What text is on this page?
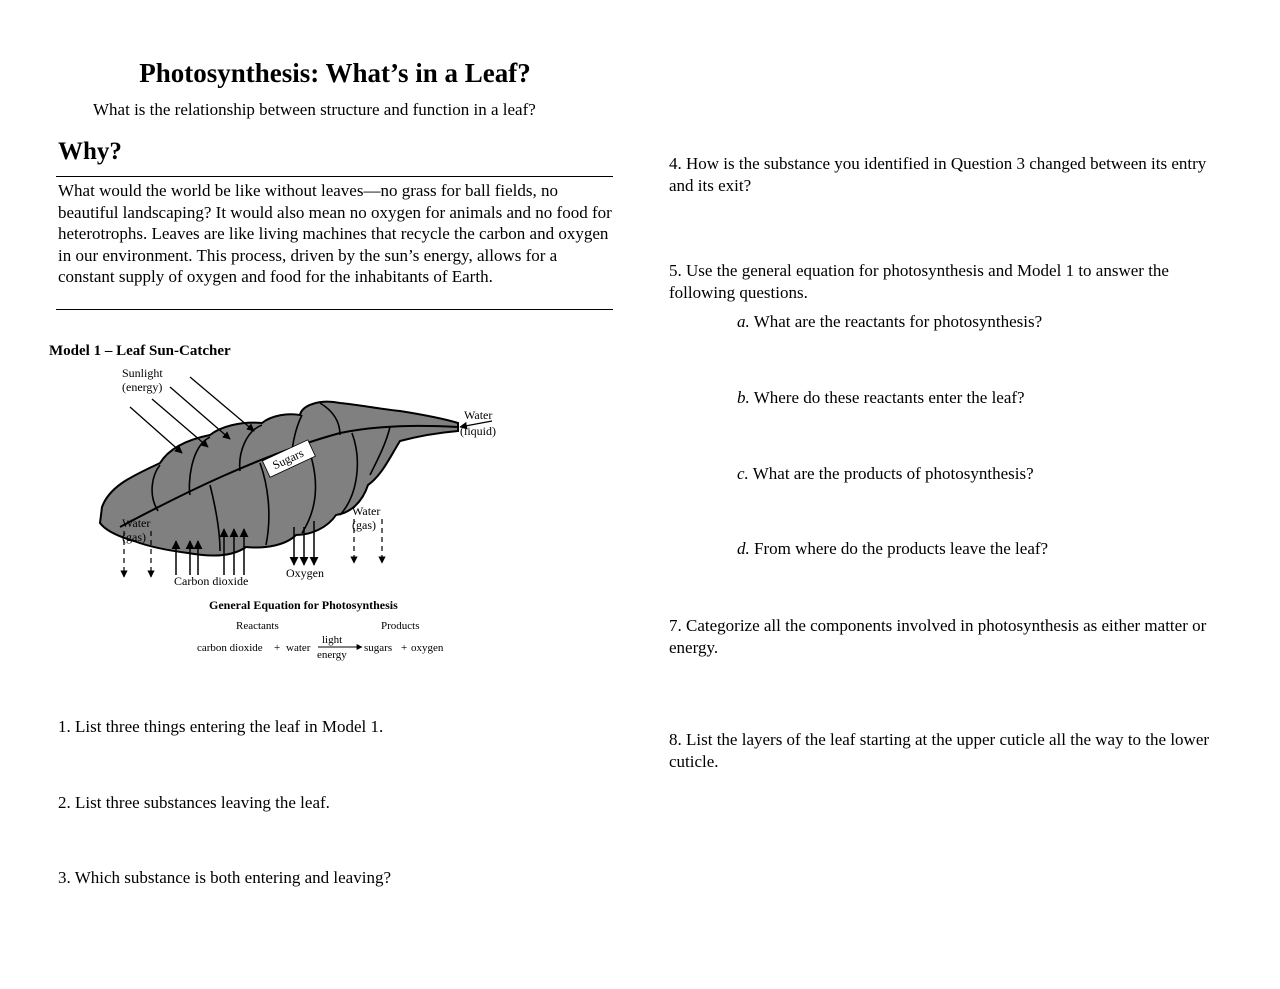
Photosynthesis: What’s in a Leaf?
What is the relationship between structure and function in a leaf?
Why?
What would the world be like without leaves—no grass for ball fields, no beautiful landscaping? It would also mean no oxygen for animals and no food for heterotrophs. Leaves are like living machines that recycle the carbon and oxygen in our environment. This process, driven by the sun’s energy, allows for a constant supply of oxygen and food for the inhabitants of Earth.
Model 1 – Leaf Sun-Catcher
Sunlight
(energy)
Water
(liquid)
Sugars
Water
(gas)
Carbon dioxide
Oxygen
Water
(gas)
General Equation for Photosynthesis
Reactants	Products
carbon dioxide + water
light
energy
sugars + oxygen
1. List three things entering the leaf in Model 1.
2. List three substances leaving the leaf.
3. Which substance is both entering and leaving?
4. How is the substance you identified in Question 3 changed between its entry and its exit?
5. Use the general equation for photosynthesis and Model 1 to answer the following questions.
a. What are the reactants for photosynthesis?
b. Where do these reactants enter the leaf?
c. What are the products of photosynthesis?
d. From where do the products leave the leaf?
7. Categorize all the components involved in photosynthesis as either matter or energy.
8. List the layers of the leaf starting at the upper cuticle all the way to the lower cuticle.
